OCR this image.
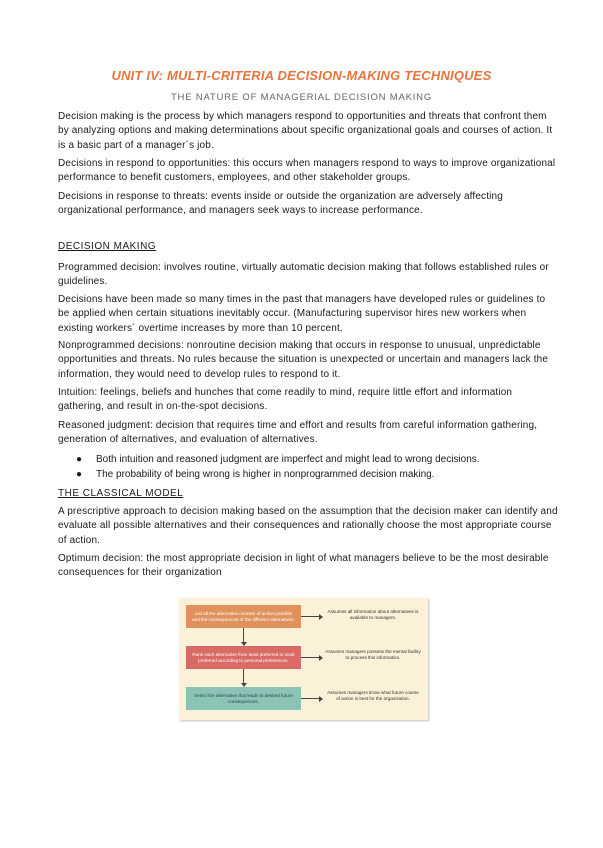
UNIT IV: MULTI-CRITERIA DECISION-MAKING TECHNIQUES
THE NATURE OF MANAGERIAL DECISION MAKING
Decision making is the process by which managers respond to opportunities and threats that confront them by analyzing options and making determinations about specific organizational goals and courses of action. It is a basic part of a manager´s job.
Decisions in respond to opportunities: this occurs when managers respond to ways to improve organizational performance to benefit customers, employees, and other stakeholder groups.
Decisions in response to threats: events inside or outside the organization are adversely affecting organizational performance, and managers seek ways to increase performance.
DECISION MAKING
Programmed decision: involves routine, virtually automatic decision making that follows established rules or guidelines.
Decisions have been made so many times in the past that managers have developed rules or guidelines to be applied when certain situations inevitably occur. (Manufacturing supervisor hires new workers when existing workers´ overtime increases by more than 10 percent.
Nonprogrammed decisions: nonroutine decision making that occurs in response to unusual, unpredictable opportunities and threats. No rules because the situation is unexpected or uncertain and managers lack the information, they would need to develop rules to respond to it.
Intuition: feelings, beliefs and hunches that come readily to mind, require little effort and information gathering, and result in on-the-spot decisions.
Reasoned judgment: decision that requires time and effort and results from careful information gathering, generation of alternatives, and evaluation of alternatives.
● Both intuition and reasoned judgment are imperfect and might lead to wrong decisions.
● The probability of being wrong is higher in nonprogrammed decision making.
THE CLASSICAL MODEL
A prescriptive approach to decision making based on the assumption that the decision maker can identify and evaluate all possible alternatives and their consequences and rationally choose the most appropriate course of action.
Optimum decision: the most appropriate decision in light of what managers believe to be the most desirable consequences for their organization
List all the alternative courses of action possible and the consequences of the different alternatives.
Rank each alternative from least preferred to most preferred according to personal preferences.
Select the alternative that leads to desired future consequences.
Assumes all information about alternatives is available to managers.
Assumes managers possess the mental facility to process this information.
Assumes managers know what future course of action is best for the organization.
